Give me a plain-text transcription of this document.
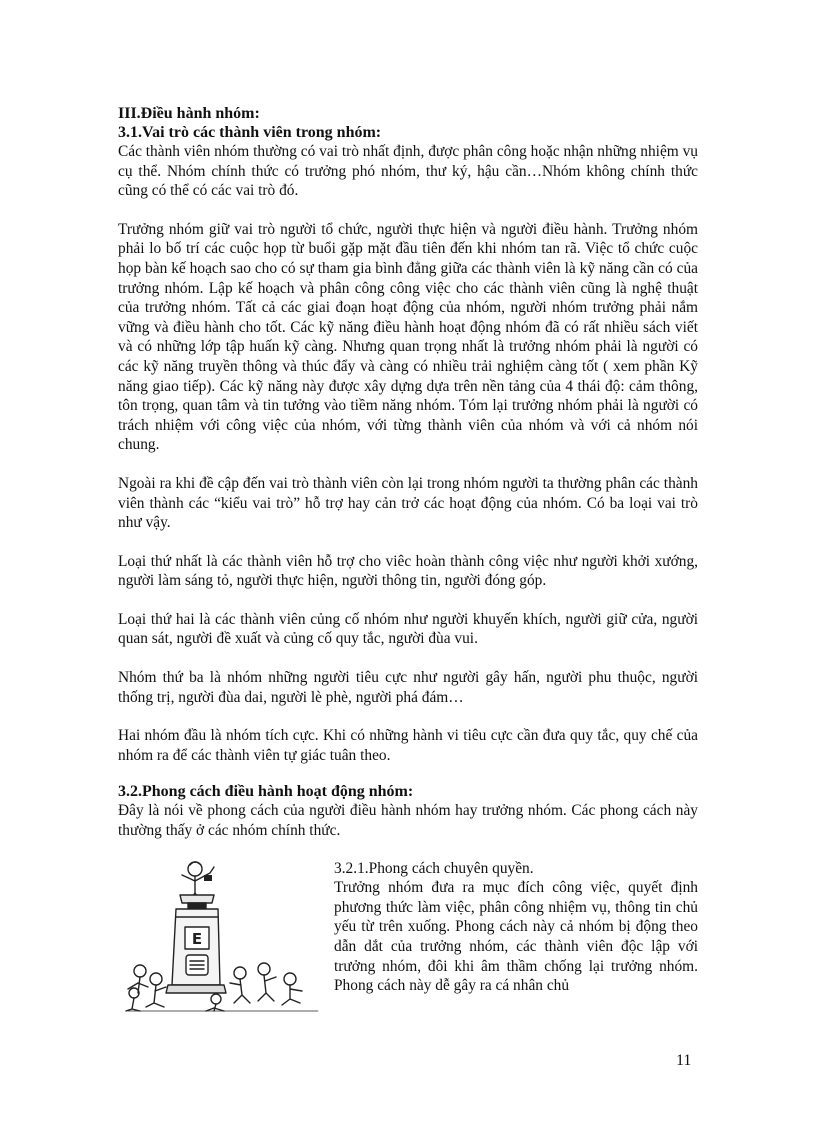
III.Điều hành nhóm:
3.1.Vai trò các thành viên trong nhóm:

Các thành viên nhóm thường có vai trò nhất định, được phân công hoặc nhận những nhiệm vụ cụ thể. Nhóm chính thức có trưởng phó nhóm, thư ký, hậu cần…Nhóm không chính thức cũng có thể có các vai trò đó.

Trưởng nhóm giữ vai trò người tổ chức, người thực hiện và người điều hành. Trưởng nhóm phải lo bố trí các cuộc họp từ buổi gặp mặt đầu tiên đến khi nhóm tan rã. Việc tổ chức cuộc họp bàn kế hoạch sao cho có sự tham gia bình đẳng giữa các thành viên là kỹ năng cần có của trưởng nhóm. Lập kế hoạch và phân công công việc cho các thành viên cũng là nghệ thuật của trưởng nhóm. Tất cả các giai đoạn hoạt động của nhóm, người nhóm trưởng phải nắm vững và điều hành cho tốt. Các kỹ năng điều hành hoạt động nhóm đã có rất nhiều sách viết và có những lớp tập huấn kỹ càng. Nhưng quan trọng nhất là trưởng nhóm phải là người có các kỹ năng truyền thông và thúc đẩy và càng có nhiều trải nghiệm càng tốt ( xem phần Kỹ năng giao tiếp). Các kỹ năng này được xây dựng dựa trên nền tảng của 4 thái độ: cảm thông, tôn trọng, quan tâm và tin tưởng vào tiềm năng nhóm. Tóm lại trưởng nhóm phải là người có trách nhiệm với công việc của nhóm, với từng thành viên của nhóm và với cả nhóm nói chung.

Ngoài ra khi đề cập đến vai trò thành viên còn lại trong nhóm người ta thường phân các thành viên thành các “kiểu vai trò” hỗ trợ hay cản trở các hoạt động của nhóm. Có ba loại vai trò như vậy.

Loại thứ nhất là các thành viên hỗ trợ cho viêc hoàn thành công việc như người khởi xướng, người làm sáng tỏ, người thực hiện, người thông tin, người đóng góp.

Loại thứ hai là các thành viên củng cố nhóm như người khuyến khích, người giữ cửa, người quan sát, người đề xuất và củng cố quy tắc, người đùa vui.

Nhóm thứ ba là nhóm những người tiêu cực như người gây hấn, người phu thuộc, người thống trị, người đùa dai, người lè phè, người phá đám…

Hai nhóm đầu là nhóm tích cực. Khi có những hành vi tiêu cực cần đưa quy tắc, quy chế của nhóm ra để các thành viên tự giác tuân theo.

3.2.Phong cách điều hành hoạt động nhóm:

Đây là nói về phong cách của người điều hành nhóm hay trưởng nhóm. Các phong cách này thường thấy ở các nhóm chính thức.

E
3.2.1.Phong cách chuyên quyền.

Trưởng nhóm đưa ra mục đích công việc, quyết định phương thức làm việc, phân công nhiệm vụ, thông tin chủ yếu từ trên xuống. Phong cách này cả nhóm bị động theo dẫn dắt của trưởng nhóm, các thành viên độc lập với trưởng nhóm, đôi khi âm thầm chống lại trưởng nhóm. Phong cách này dễ gây ra cá nhân chủ

11
